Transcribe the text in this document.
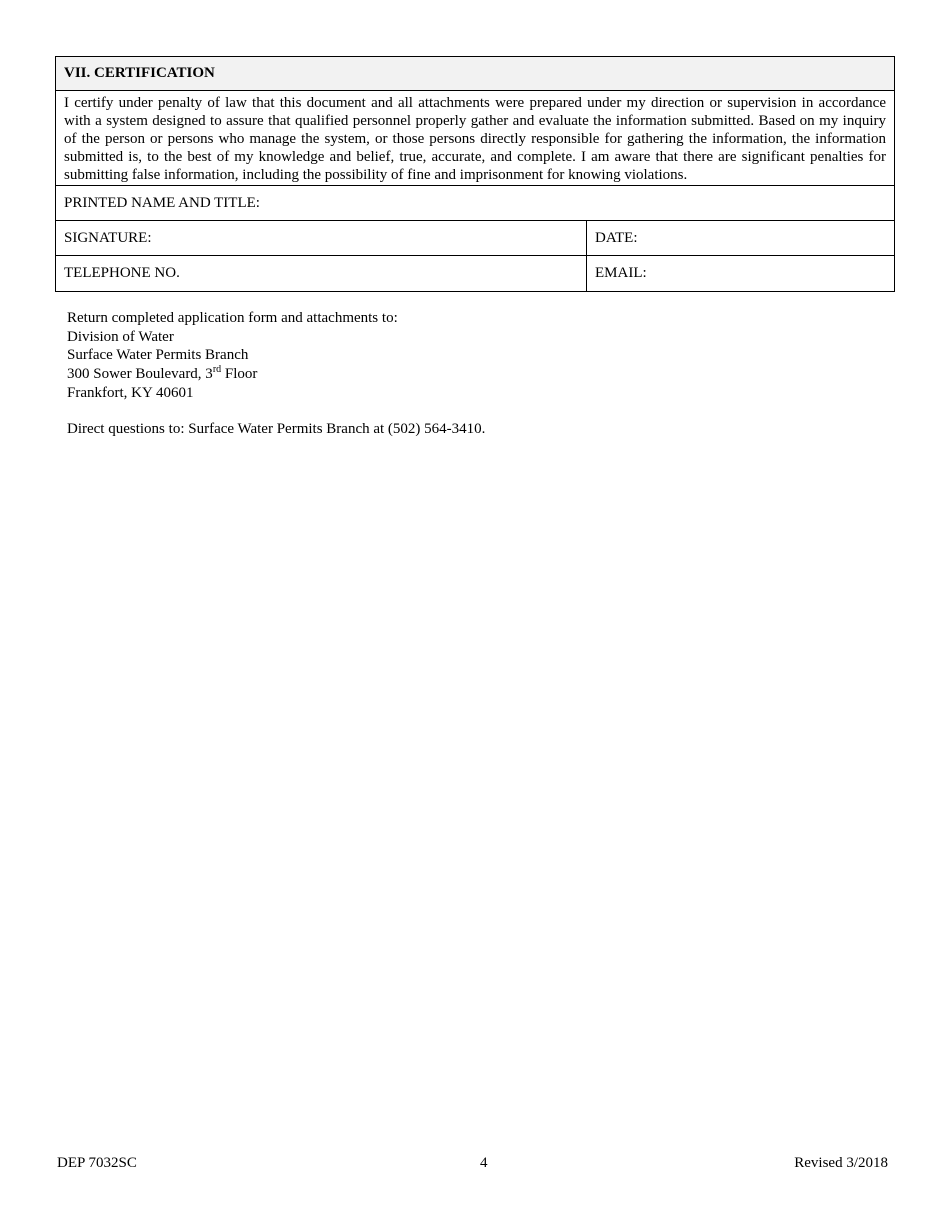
VII. CERTIFICATION
I certify under penalty of law that this document and all attachments were prepared under my direction or supervision in accordance with a system designed to assure that qualified personnel properly gather and evaluate the information submitted. Based on my inquiry of the person or persons who manage the system, or those persons directly responsible for gathering the information, the information submitted is, to the best of my knowledge and belief, true, accurate, and complete. I am aware that there are significant penalties for submitting false information, including the possibility of fine and imprisonment for knowing violations.
PRINTED NAME AND TITLE:
SIGNATURE:	DATE:
TELEPHONE NO.	EMAIL:
Return completed application form and attachments to:
Division of Water
Surface Water Permits Branch
300 Sower Boulevard, 3rd Floor
Frankfort, KY 40601
Direct questions to: Surface Water Permits Branch at (502) 564-3410.
DEP 7032SC	4	Revised 3/2018
